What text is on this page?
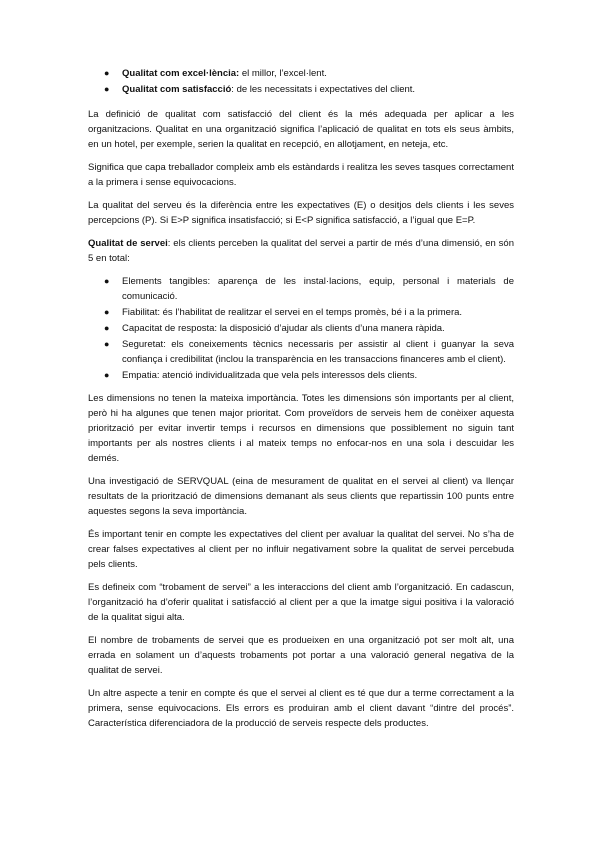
● Qualitat com excel·lència: el millor, l’excel·lent.
● Qualitat com satisfacció: de les necessitats i expectatives del client.

La definició de qualitat com satisfacció del client és la més adequada per aplicar a les organitzacions. Qualitat en una organització significa l’aplicació de qualitat en tots els seus àmbits, en un hotel, per exemple, serien la qualitat en recepció, en allotjament, en neteja, etc.

Significa que capa treballador compleix amb els estàndards i realitza les seves tasques correctament a la primera i sense equivocacions.

La qualitat del serveu és la diferència entre les expectatives (E) o desitjos dels clients i les seves percepcions (P). Si E>P significa insatisfacció; si E<P significa satisfacció, a l’igual que E=P.

Qualitat de servei: els clients perceben la qualitat del servei a partir de més d’una dimensió, en són 5 en total:

● Elements tangibles: aparença de les instal·lacions, equip, personal i materials de comunicació.
● Fiabilitat: és l’habilitat de realitzar el servei en el temps promès, bé i a la primera.
● Capacitat de resposta: la disposició d’ajudar als clients d’una manera ràpida.
● Seguretat: els coneixements tècnics necessaris per assistir al client i guanyar la seva confiança i credibilitat (inclou la transparència en les transaccions financeres amb el client).
● Empatia: atenció individualitzada que vela pels interessos dels clients.

Les dimensions no tenen la mateixa importància. Totes les dimensions són importants per al client, però hi ha algunes que tenen major prioritat. Com proveïdors de serveis hem de conèixer aquesta priorització per evitar invertir temps i recursos en dimensions que possiblement no siguin tant importants per als nostres clients i al mateix temps no enfocar-nos en una sola i descuidar les demés.

Una investigació de SERVQUAL (eina de mesurament de qualitat en el servei al client) va llençar resultats de la priorització de dimensions demanant als seus clients que repartissin 100 punts entre aquestes segons la seva importància.

És important tenir en compte les expectatives del client per avaluar la qualitat del servei. No s’ha de crear falses expectatives al client per no influir negativament sobre la qualitat de servei percebuda pels clients.

Es defineix com “trobament de servei” a les interaccions del client amb l’organització. En cadascun, l’organització ha d’oferir qualitat i satisfacció al client per a que la imatge sigui positiva i la valoració de la qualitat sigui alta.

El nombre de trobaments de servei que es produeixen en una organització pot ser molt alt, una errada en solament un d’aquests trobaments pot portar a una valoració general negativa de la qualitat de servei.

Un altre aspecte a tenir en compte és que el servei al client es té que dur a terme correctament a la primera, sense equivocacions. Els errors es produiran amb el client davant “dintre del procés”. Característica diferenciadora de la producció de serveis respecte dels productes.
